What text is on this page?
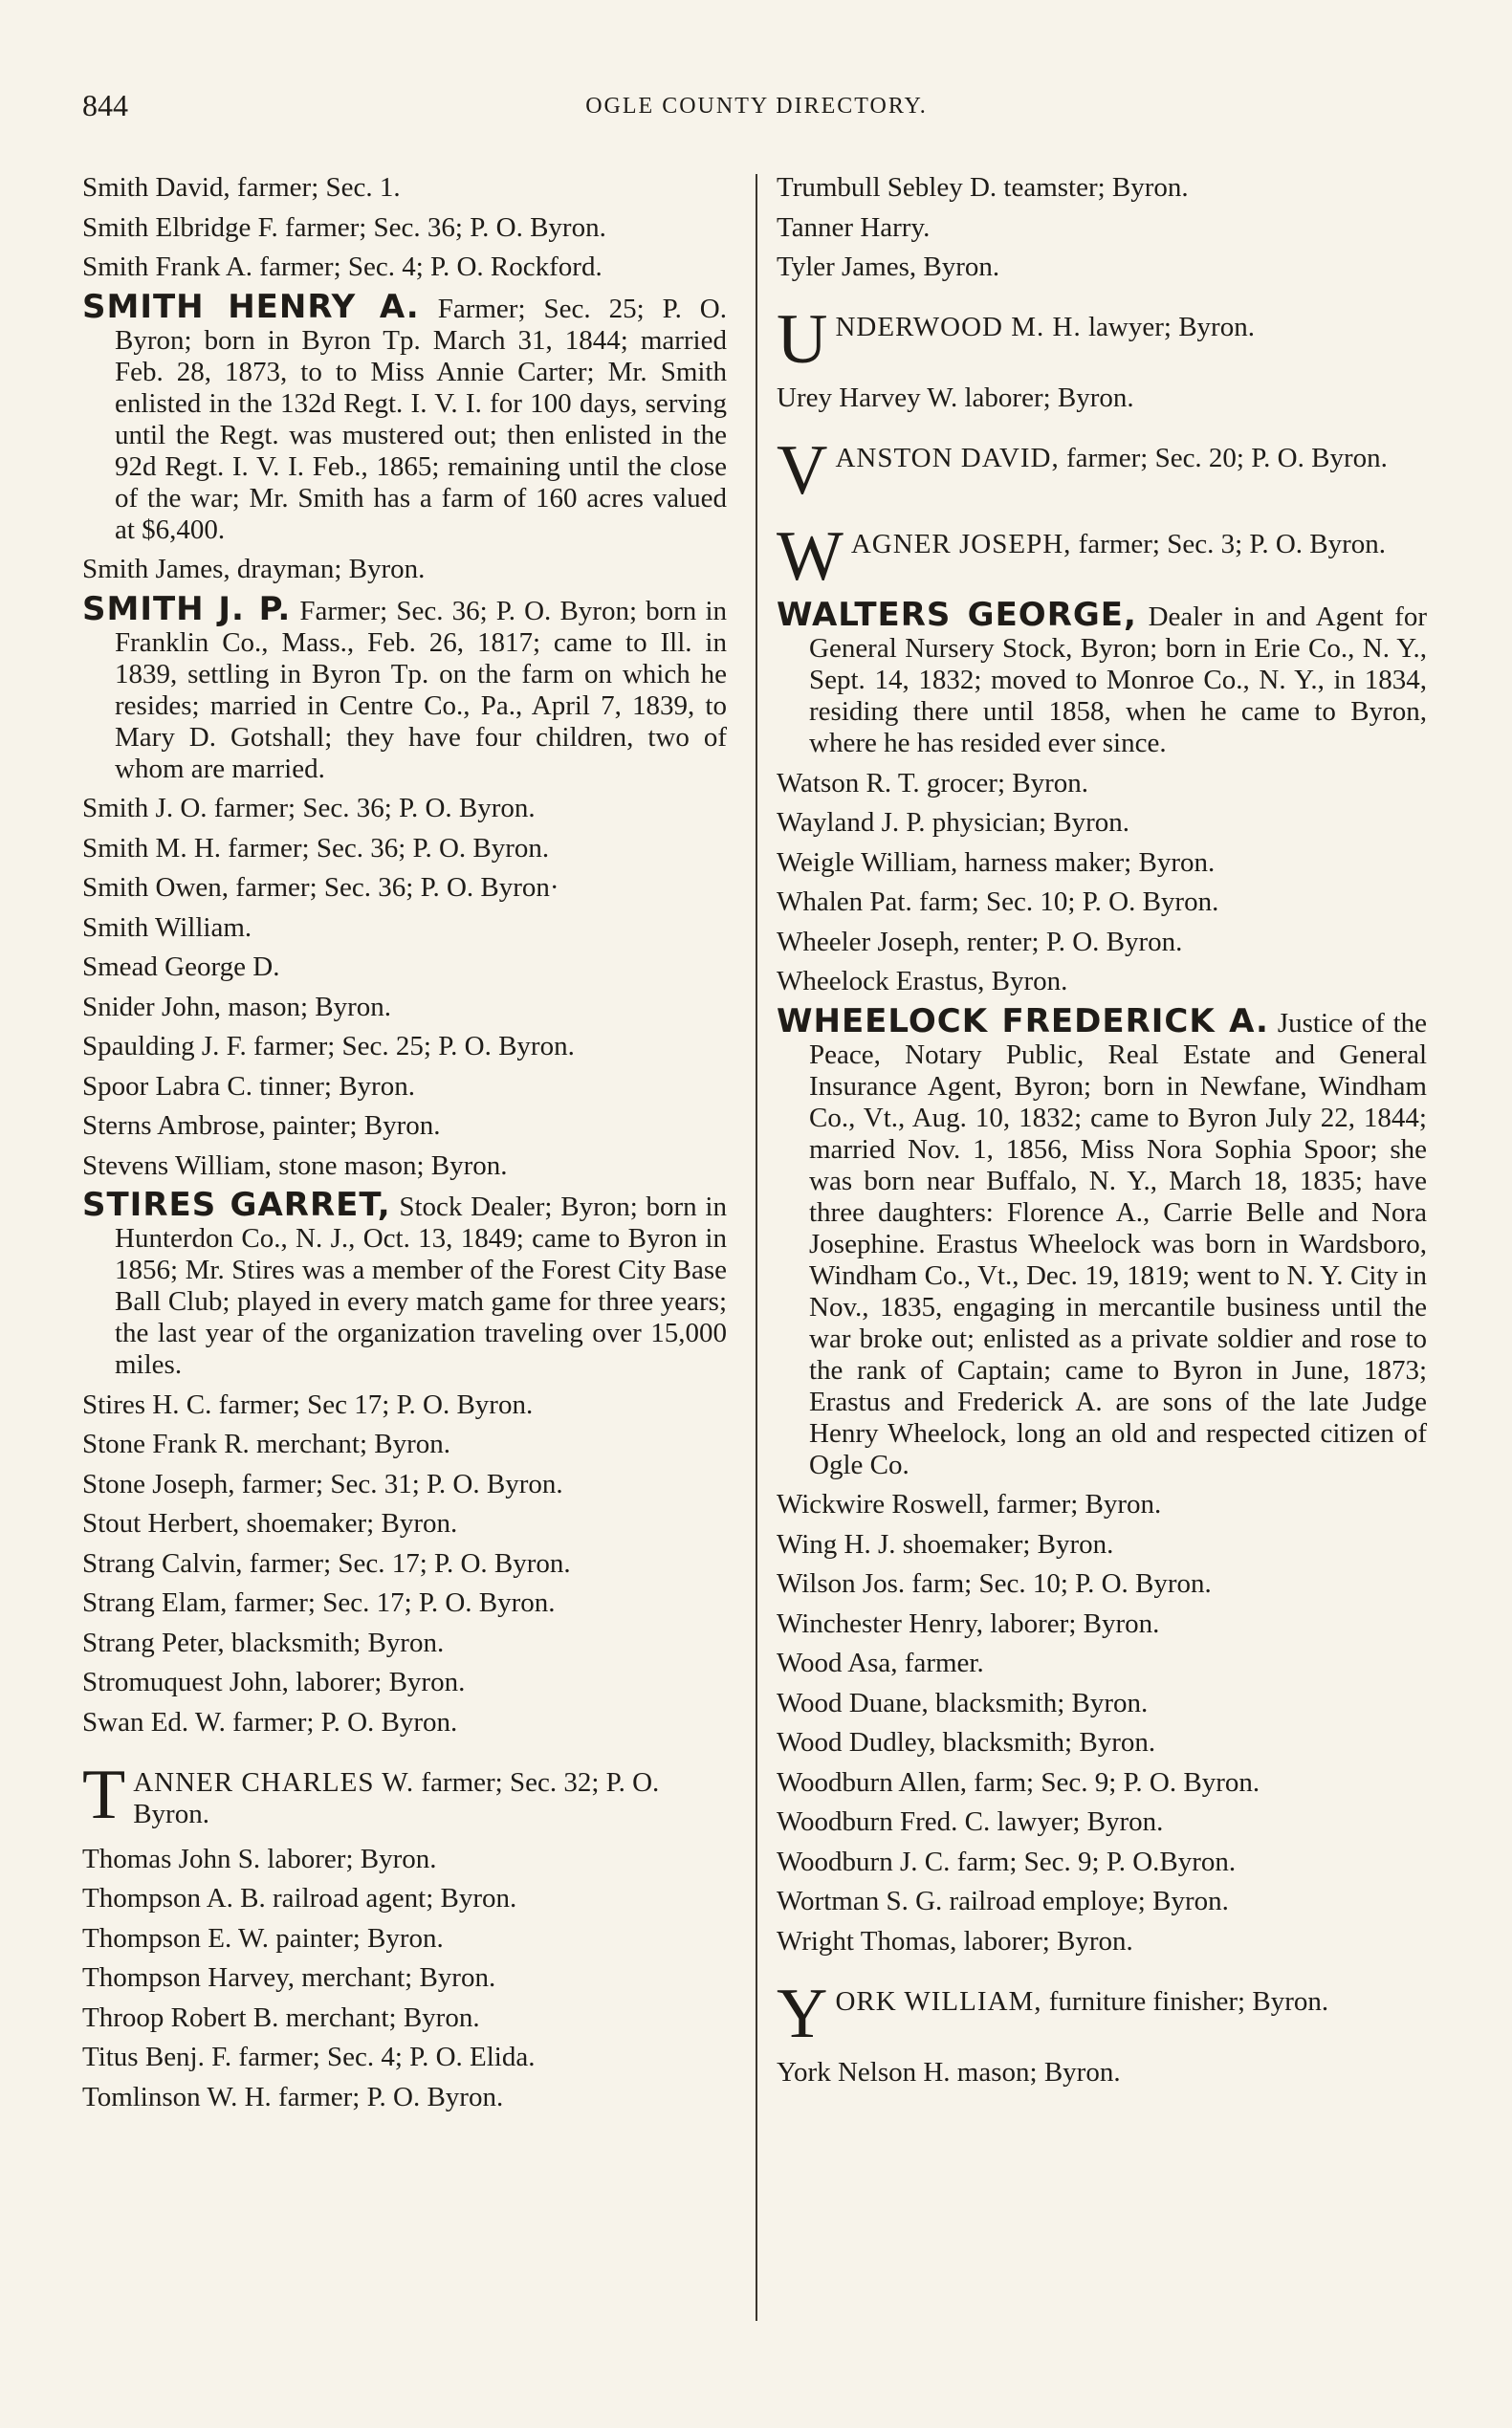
844	OGLE COUNTY DIRECTORY.
Smith David, farmer; Sec. 1.
Smith Elbridge F. farmer; Sec. 36; P. O. Byron.
Smith Frank A. farmer; Sec. 4; P. O. Rockford.
SMITH HENRY A. Farmer; Sec. 25; P. O. Byron; born in Byron Tp. March 31, 1844; married Feb. 28, 1873, to to Miss Annie Carter; Mr. Smith enlisted in the 132d Regt. I. V. I. for 100 days, serving until the Regt. was mustered out; then enlisted in the 92d Regt. I. V. I. Feb., 1865; remaining until the close of the war; Mr. Smith has a farm of 160 acres valued at $6,400.
Smith James, drayman; Byron.
SMITH J. P. Farmer; Sec. 36; P. O. Byron; born in Franklin Co., Mass., Feb. 26, 1817; came to Ill. in 1839, settling in Byron Tp. on the farm on which he resides; married in Centre Co., Pa., April 7, 1839, to Mary D. Gotshall; they have four children, two of whom are married.
Smith J. O. farmer; Sec. 36; P. O. Byron.
Smith M. H. farmer; Sec. 36; P. O. Byron.
Smith Owen, farmer; Sec. 36; P. O. Byron·
Smith William.
Smead George D.
Snider John, mason; Byron.
Spaulding J. F. farmer; Sec. 25; P. O. Byron.
Spoor Labra C. tinner; Byron.
Sterns Ambrose, painter; Byron.
Stevens William, stone mason; Byron.
STIRES GARRET, Stock Dealer; Byron; born in Hunterdon Co., N. J., Oct. 13, 1849; came to Byron in 1856; Mr. Stires was a member of the Forest City Base Ball Club; played in every match game for three years; the last year of the organization traveling over 15,000 miles.
Stires H. C. farmer; Sec 17; P. O. Byron.
Stone Frank R. merchant; Byron.
Stone Joseph, farmer; Sec. 31; P. O. Byron.
Stout Herbert, shoemaker; Byron.
Strang Calvin, farmer; Sec. 17; P. O. Byron.
Strang Elam, farmer; Sec. 17; P. O. Byron.
Strang Peter, blacksmith; Byron.
Stromuquest John, laborer; Byron.
Swan Ed. W. farmer; P. O. Byron.
T ANNER CHARLES W. farmer; Sec. 32; P. O. Byron.
Thomas John S. laborer; Byron.
Thompson A. B. railroad agent; Byron.
Thompson E. W. painter; Byron.
Thompson Harvey, merchant; Byron.
Throop Robert B. merchant; Byron.
Titus Benj. F. farmer; Sec. 4; P. O. Elida.
Tomlinson W. H. farmer; P. O. Byron.
Trumbull Sebley D. teamster; Byron.
Tanner Harry.
Tyler James, Byron.
U NDERWOOD M. H. lawyer; Byron.
Urey Harvey W. laborer; Byron.
V ANSTON DAVID, farmer; Sec. 20; P. O. Byron.
W AGNER JOSEPH, farmer; Sec. 3; P. O. Byron.
WALTERS GEORGE, Dealer in and Agent for General Nursery Stock, Byron; born in Erie Co., N. Y., Sept. 14, 1832; moved to Monroe Co., N. Y., in 1834, residing there until 1858, when he came to Byron, where he has resided ever since.
Watson R. T. grocer; Byron.
Wayland J. P. physician; Byron.
Weigle William, harness maker; Byron.
Whalen Pat. farm; Sec. 10; P. O. Byron.
Wheeler Joseph, renter; P. O. Byron.
Wheelock Erastus, Byron.
WHEELOCK FREDERICK A. Justice of the Peace, Notary Public, Real Estate and General Insurance Agent, Byron; born in Newfane, Windham Co., Vt., Aug. 10, 1832; came to Byron July 22, 1844; married Nov. 1, 1856, Miss Nora Sophia Spoor; she was born near Buffalo, N. Y., March 18, 1835; have three daughters: Florence A., Carrie Belle and Nora Josephine. Erastus Wheelock was born in Wardsboro, Windham Co., Vt., Dec. 19, 1819; went to N. Y. City in Nov., 1835, engaging in mercantile business until the war broke out; enlisted as a private soldier and rose to the rank of Captain; came to Byron in June, 1873; Erastus and Frederick A. are sons of the late Judge Henry Wheelock, long an old and respected citizen of Ogle Co.
Wickwire Roswell, farmer; Byron.
Wing H. J. shoemaker; Byron.
Wilson Jos. farm; Sec. 10; P. O. Byron.
Winchester Henry, laborer; Byron.
Wood Asa, farmer.
Wood Duane, blacksmith; Byron.
Wood Dudley, blacksmith; Byron.
Woodburn Allen, farm; Sec. 9; P. O. Byron.
Woodburn Fred. C. lawyer; Byron.
Woodburn J. C. farm; Sec. 9; P. O.Byron.
Wortman S. G. railroad employe; Byron.
Wright Thomas, laborer; Byron.
Y ORK WILLIAM, furniture finisher; Byron.
York Nelson H. mason; Byron.
